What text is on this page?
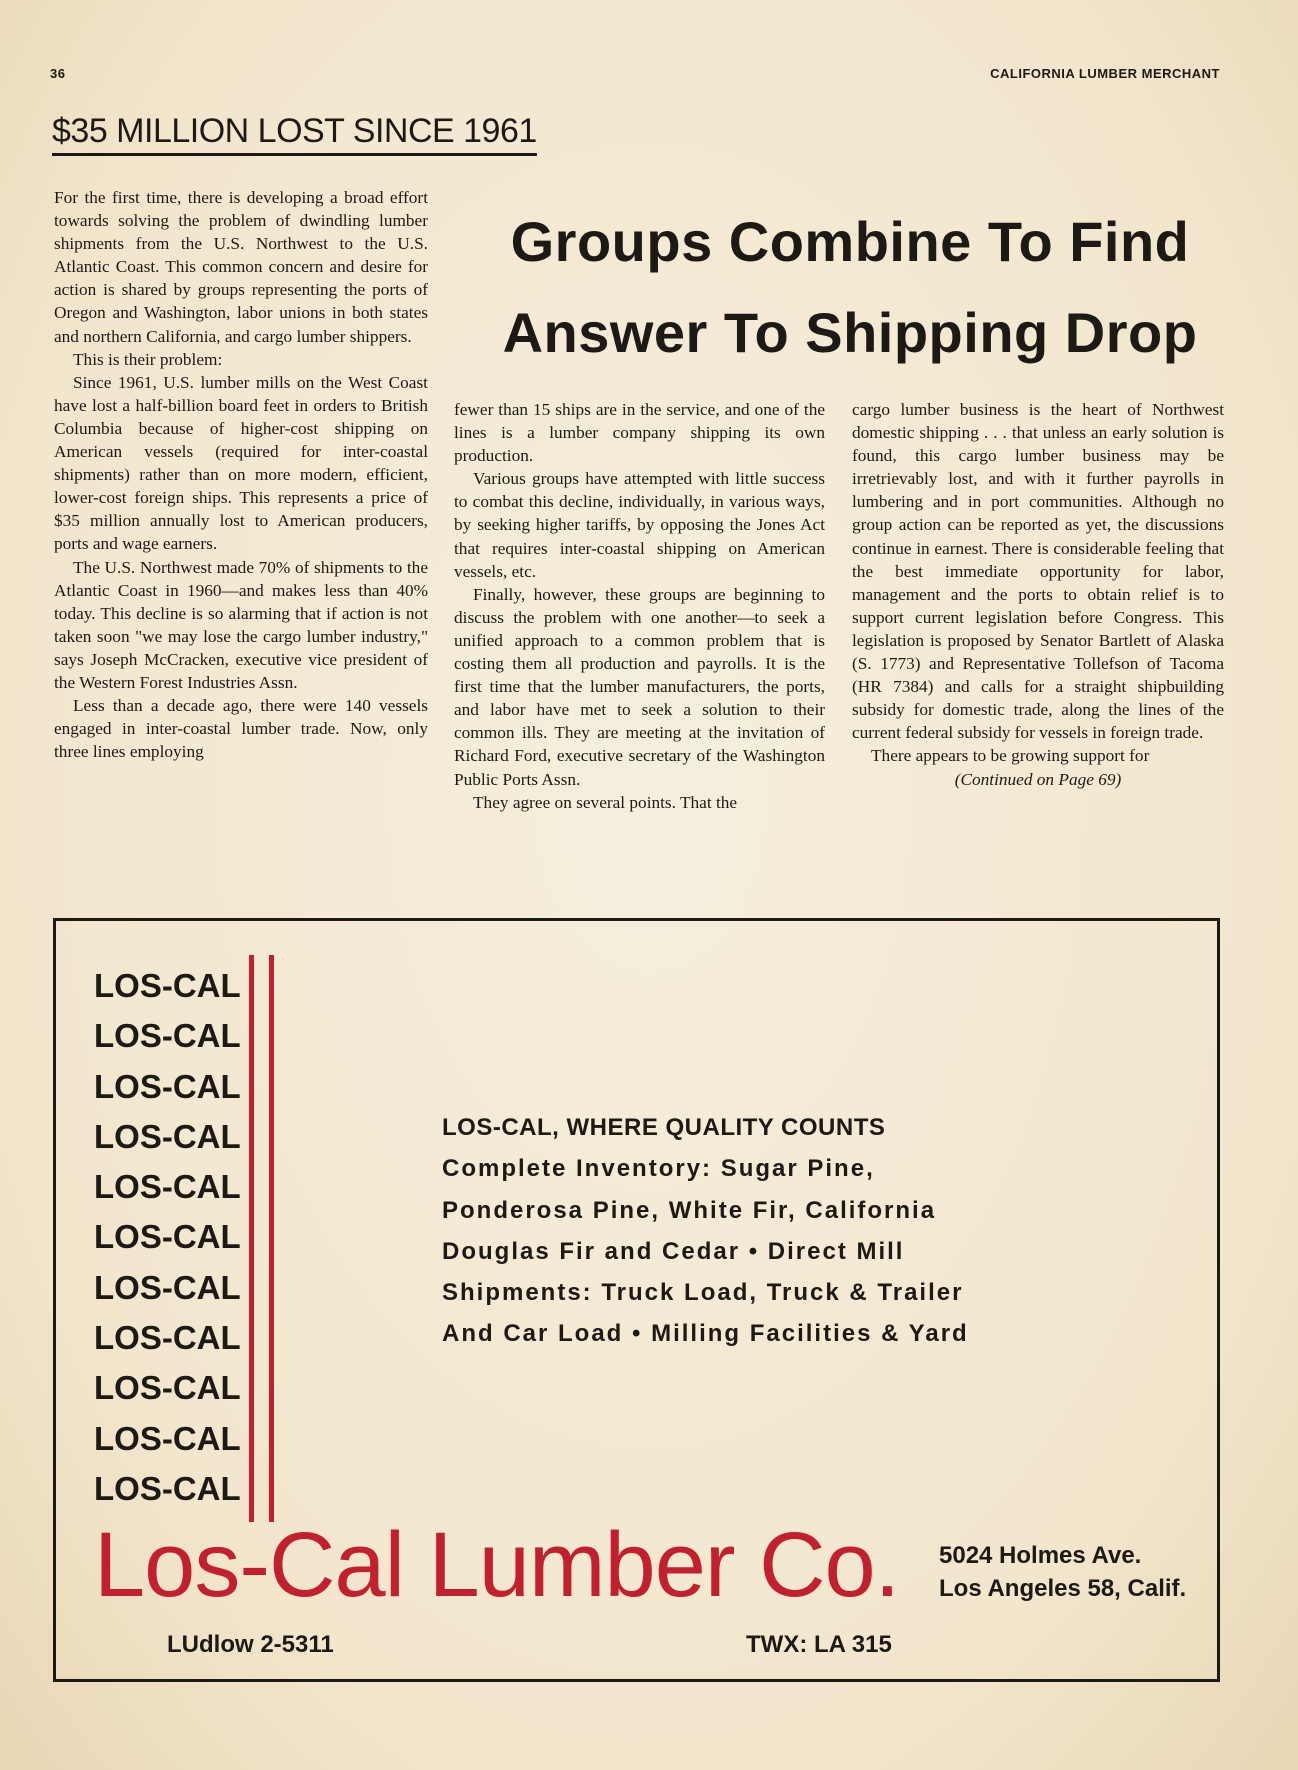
36	CALIFORNIA LUMBER MERCHANT
$35 MILLION LOST SINCE 1961
Groups Combine To Find Answer To Shipping Drop

For the first time, there is developing a broad effort towards solving the problem of dwindling lumber shipments from the U.S. Northwest to the U.S. Atlantic Coast. This common concern and desire for action is shared by groups representing the ports of Oregon and Washington, labor unions in both states and northern California, and cargo lumber shippers.

This is their problem:

Since 1961, U.S. lumber mills on the West Coast have lost a half-billion board feet in orders to British Columbia because of higher-cost shipping on American vessels (required for inter-coastal shipments) rather than on more modern, efficient, lower-cost foreign ships. This represents a price of $35 million annually lost to American producers, ports and wage earners.

The U.S. Northwest made 70% of shipments to the Atlantic Coast in 1960—and makes less than 40% today. This decline is so alarming that if action is not taken soon "we may lose the cargo lumber industry," says Joseph McCracken, executive vice president of the Western Forest Industries Assn.

Less than a decade ago, there were 140 vessels engaged in inter-coastal lumber trade. Now, only three lines employing

fewer than 15 ships are in the service, and one of the lines is a lumber company shipping its own production.

Various groups have attempted with little success to combat this decline, individually, in various ways, by seeking higher tariffs, by opposing the Jones Act that requires inter-coastal shipping on American vessels, etc.

Finally, however, these groups are beginning to discuss the problem with one another—to seek a unified approach to a common problem that is costing them all production and payrolls. It is the first time that the lumber manufacturers, the ports, and labor have met to seek a solution to their common ills. They are meeting at the invitation of Richard Ford, executive secretary of the Washington Public Ports Assn.

They agree on several points. That the

cargo lumber business is the heart of Northwest domestic shipping . . . that unless an early solution is found, this cargo lumber business may be irretrievably lost, and with it further payrolls in lumbering and in port communities. Although no group action can be reported as yet, the discussions continue in earnest. There is considerable feeling that the best immediate opportunity for labor, management and the ports to obtain relief is to support current legislation before Congress. This legislation is proposed by Senator Bartlett of Alaska (S. 1773) and Representative Tollefson of Tacoma (HR 7384) and calls for a straight shipbuilding subsidy for domestic trade, along the lines of the current federal subsidy for vessels in foreign trade.

There appears to be growing support for

(Continued on Page 69)

LOS-CAL
LOS-CAL
LOS-CAL
LOS-CAL
LOS-CAL
LOS-CAL
LOS-CAL
LOS-CAL
LOS-CAL
LOS-CAL
LOS-CAL
LOS-CAL, WHERE QUALITY COUNTS
Complete Inventory: Sugar Pine,
Ponderosa Pine, White Fir, California
Douglas Fir and Cedar • Direct Mill
Shipments: Truck Load, Truck & Trailer
And Car Load • Milling Facilities & Yard
Los-Cal Lumber Co. 5024 Holmes Ave.
Los Angeles 58, Calif.
LUdlow 2-5311	TWX: LA 315
